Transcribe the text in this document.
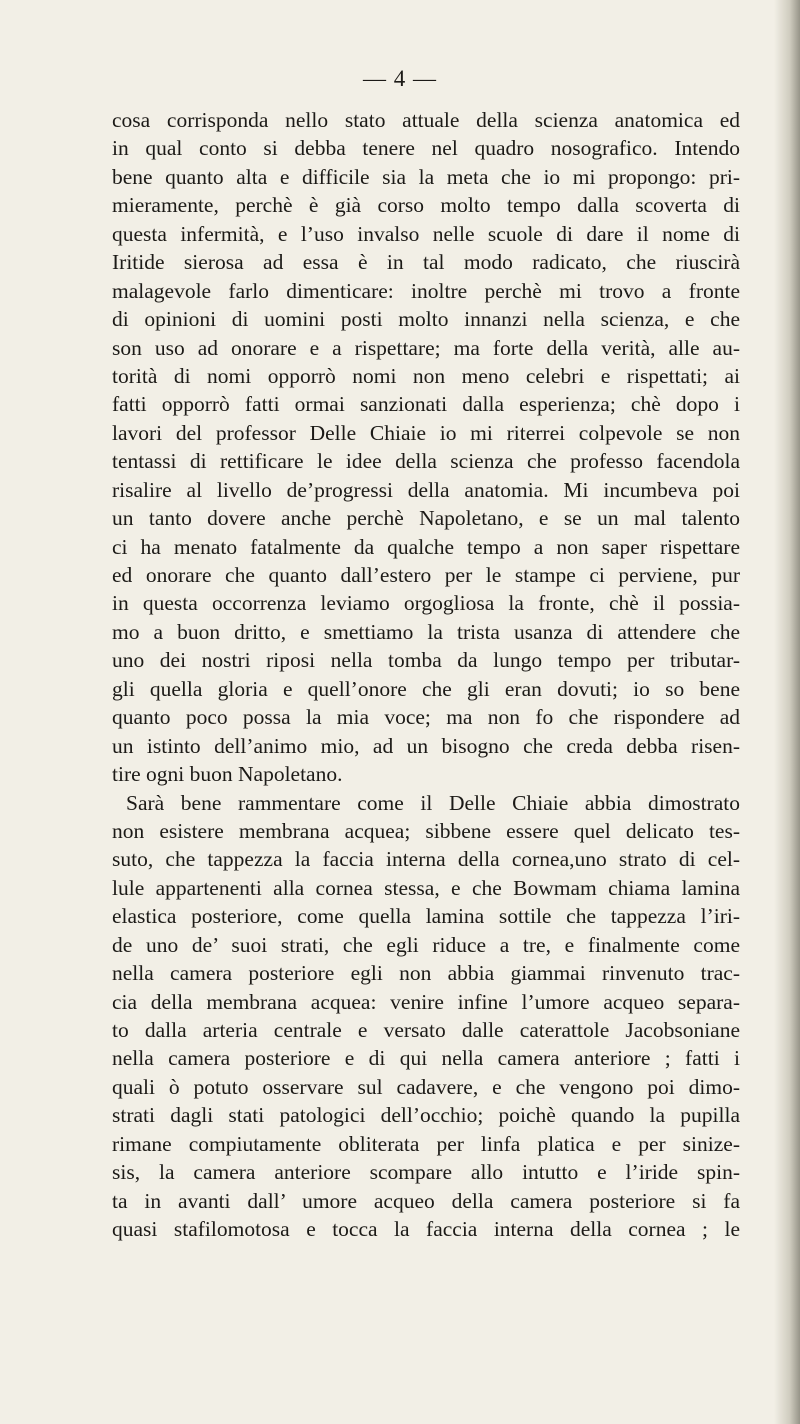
— 4 —
cosa corrisponda nello stato attuale della scienza anatomica ed
in qual conto si debba tenere nel quadro nosografico. Intendo
bene quanto alta e difficile sia la meta che io mi propongo: pri-
mieramente, perchè è già corso molto tempo dalla scoverta di
questa infermità, e l’uso invalso nelle scuole di dare il nome di
Iritide sierosa ad essa è in tal modo radicato, che riuscirà
malagevole farlo dimenticare: inoltre perchè mi trovo a fronte
di opinioni di uomini posti molto innanzi nella scienza, e che
son uso ad onorare e a rispettare; ma forte della verità, alle au-
torità di nomi opporrò nomi non meno celebri e rispettati; ai
fatti opporrò fatti ormai sanzionati dalla esperienza; chè dopo i
lavori del professor Delle Chiaie io mi riterrei colpevole se non
tentassi di rettificare le idee della scienza che professo facendola
risalire al livello de’progressi della anatomia. Mi incumbeva poi
un tanto dovere anche perchè Napoletano, e se un mal talento
ci ha menato fatalmente da qualche tempo a non saper rispettare
ed onorare che quanto dall’estero per le stampe ci perviene, pur
in questa occorrenza leviamo orgogliosa la fronte, chè il possia-
mo a buon dritto, e smettiamo la trista usanza di attendere che
uno dei nostri riposi nella tomba da lungo tempo per tributar-
gli quella gloria e quell’onore che gli eran dovuti; io so bene
quanto poco possa la mia voce; ma non fo che rispondere ad
un istinto dell’animo mio, ad un bisogno che creda debba risen-
tire ogni buon Napoletano.
Sarà bene rammentare come il Delle Chiaie abbia dimostrato
non esistere membrana acquea; sibbene essere quel delicato tes-
suto, che tappezza la faccia interna della cornea,uno strato di cel-
lule appartenenti alla cornea stessa, e che Bowmam chiama lamina
elastica posteriore, come quella lamina sottile che tappezza l’iri-
de uno de’ suoi strati, che egli riduce a tre, e finalmente come
nella camera posteriore egli non abbia giammai rinvenuto trac-
cia della membrana acquea: venire infine l’umore acqueo separa-
to dalla arteria centrale e versato dalle caterattole Jacobsoniane
nella camera posteriore e di qui nella camera anteriore ; fatti i
quali ò potuto osservare sul cadavere, e che vengono poi dimo-
strati dagli stati patologici dell’occhio; poichè quando la pupilla
rimane compiutamente obliterata per linfa platica e per sinize-
sis, la camera anteriore scompare allo intutto e l’iride spin-
ta in avanti dall’ umore acqueo della camera posteriore si fa
quasi stafilomotosa e tocca la faccia interna della cornea ; le
